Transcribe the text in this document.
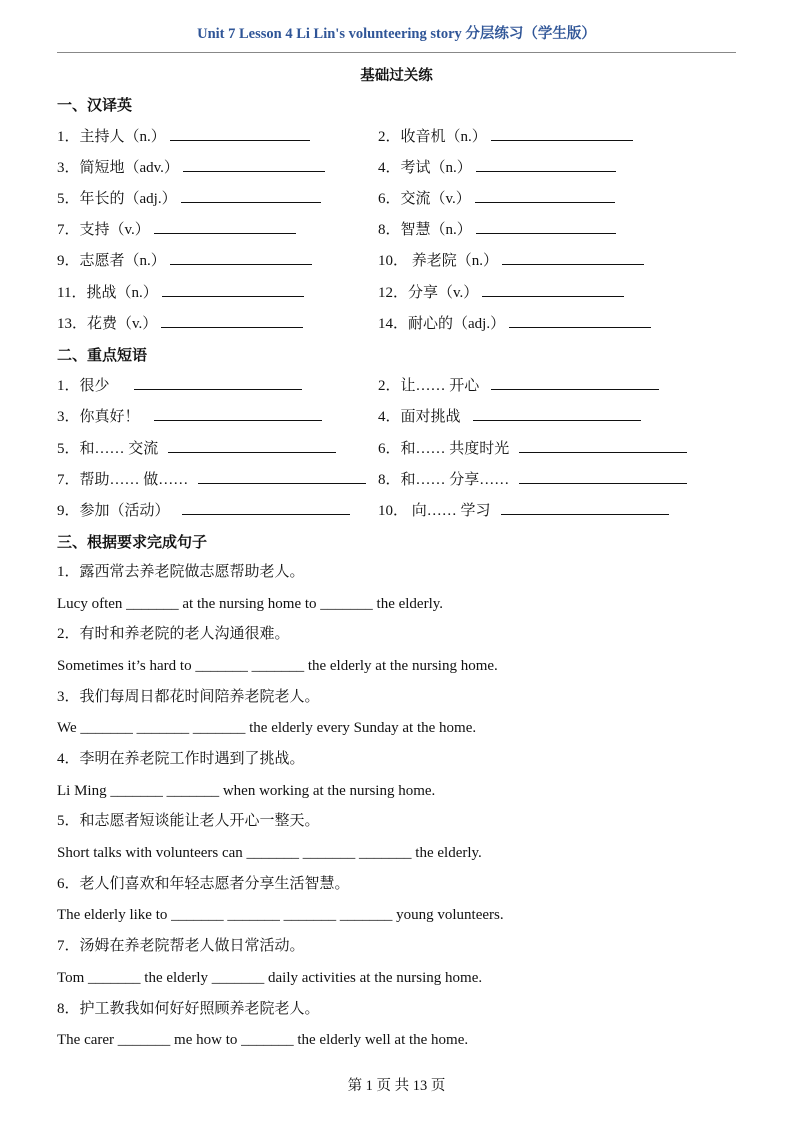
Unit 7 Lesson 4 Li Lin's volunteering story 分层练习（学生版）
基础过关练
一、汉译英
1．主持人（n.）	2．收音机（n.）
3．简短地（adv.）	4．考试（n.）
5．年长的（adj.）	6．交流（v.）
7．支持（v.）	8．智慧（n.）
9．志愿者（n.）	10． 养老院（n.）
11．挑战（n.）	12．分享（v.）
13．花费（v.）	14．耐心的（adj.）
二、重点短语
1．很少	2．让…… 开心
3．你真好！	4．面对挑战
5．和…… 交流	6．和…… 共度时光
7．帮助…… 做……	8．和…… 分享……
9．参加（活动）	10． 向…… 学习
三、根据要求完成句子
1．露西常去养老院做志愿帮助老人。
Lucy often _______ at the nursing home to _______ the elderly.
2．有时和养老院的老人沟通很难。
Sometimes it’s hard to _______ _______ the elderly at the nursing home.
3．我们每周日都花时间陪养老院老人。
We _______ _______ _______ the elderly every Sunday at the home.
4．李明在养老院工作时遇到了挑战。
Li Ming _______ _______ when working at the nursing home.
5．和志愿者短谈能让老人开心一整天。
Short talks with volunteers can _______ _______ _______ the elderly.
6．老人们喜欢和年轻志愿者分享生活智慧。
The elderly like to _______ _______ _______ _______ young volunteers.
7．汤姆在养老院帮老人做日常活动。
Tom _______ the elderly _______ daily activities at the nursing home.
8．护工教我如何好好照顾养老院老人。
The carer _______ me how to _______ the elderly well at the home.
第 1 页 共 13 页
